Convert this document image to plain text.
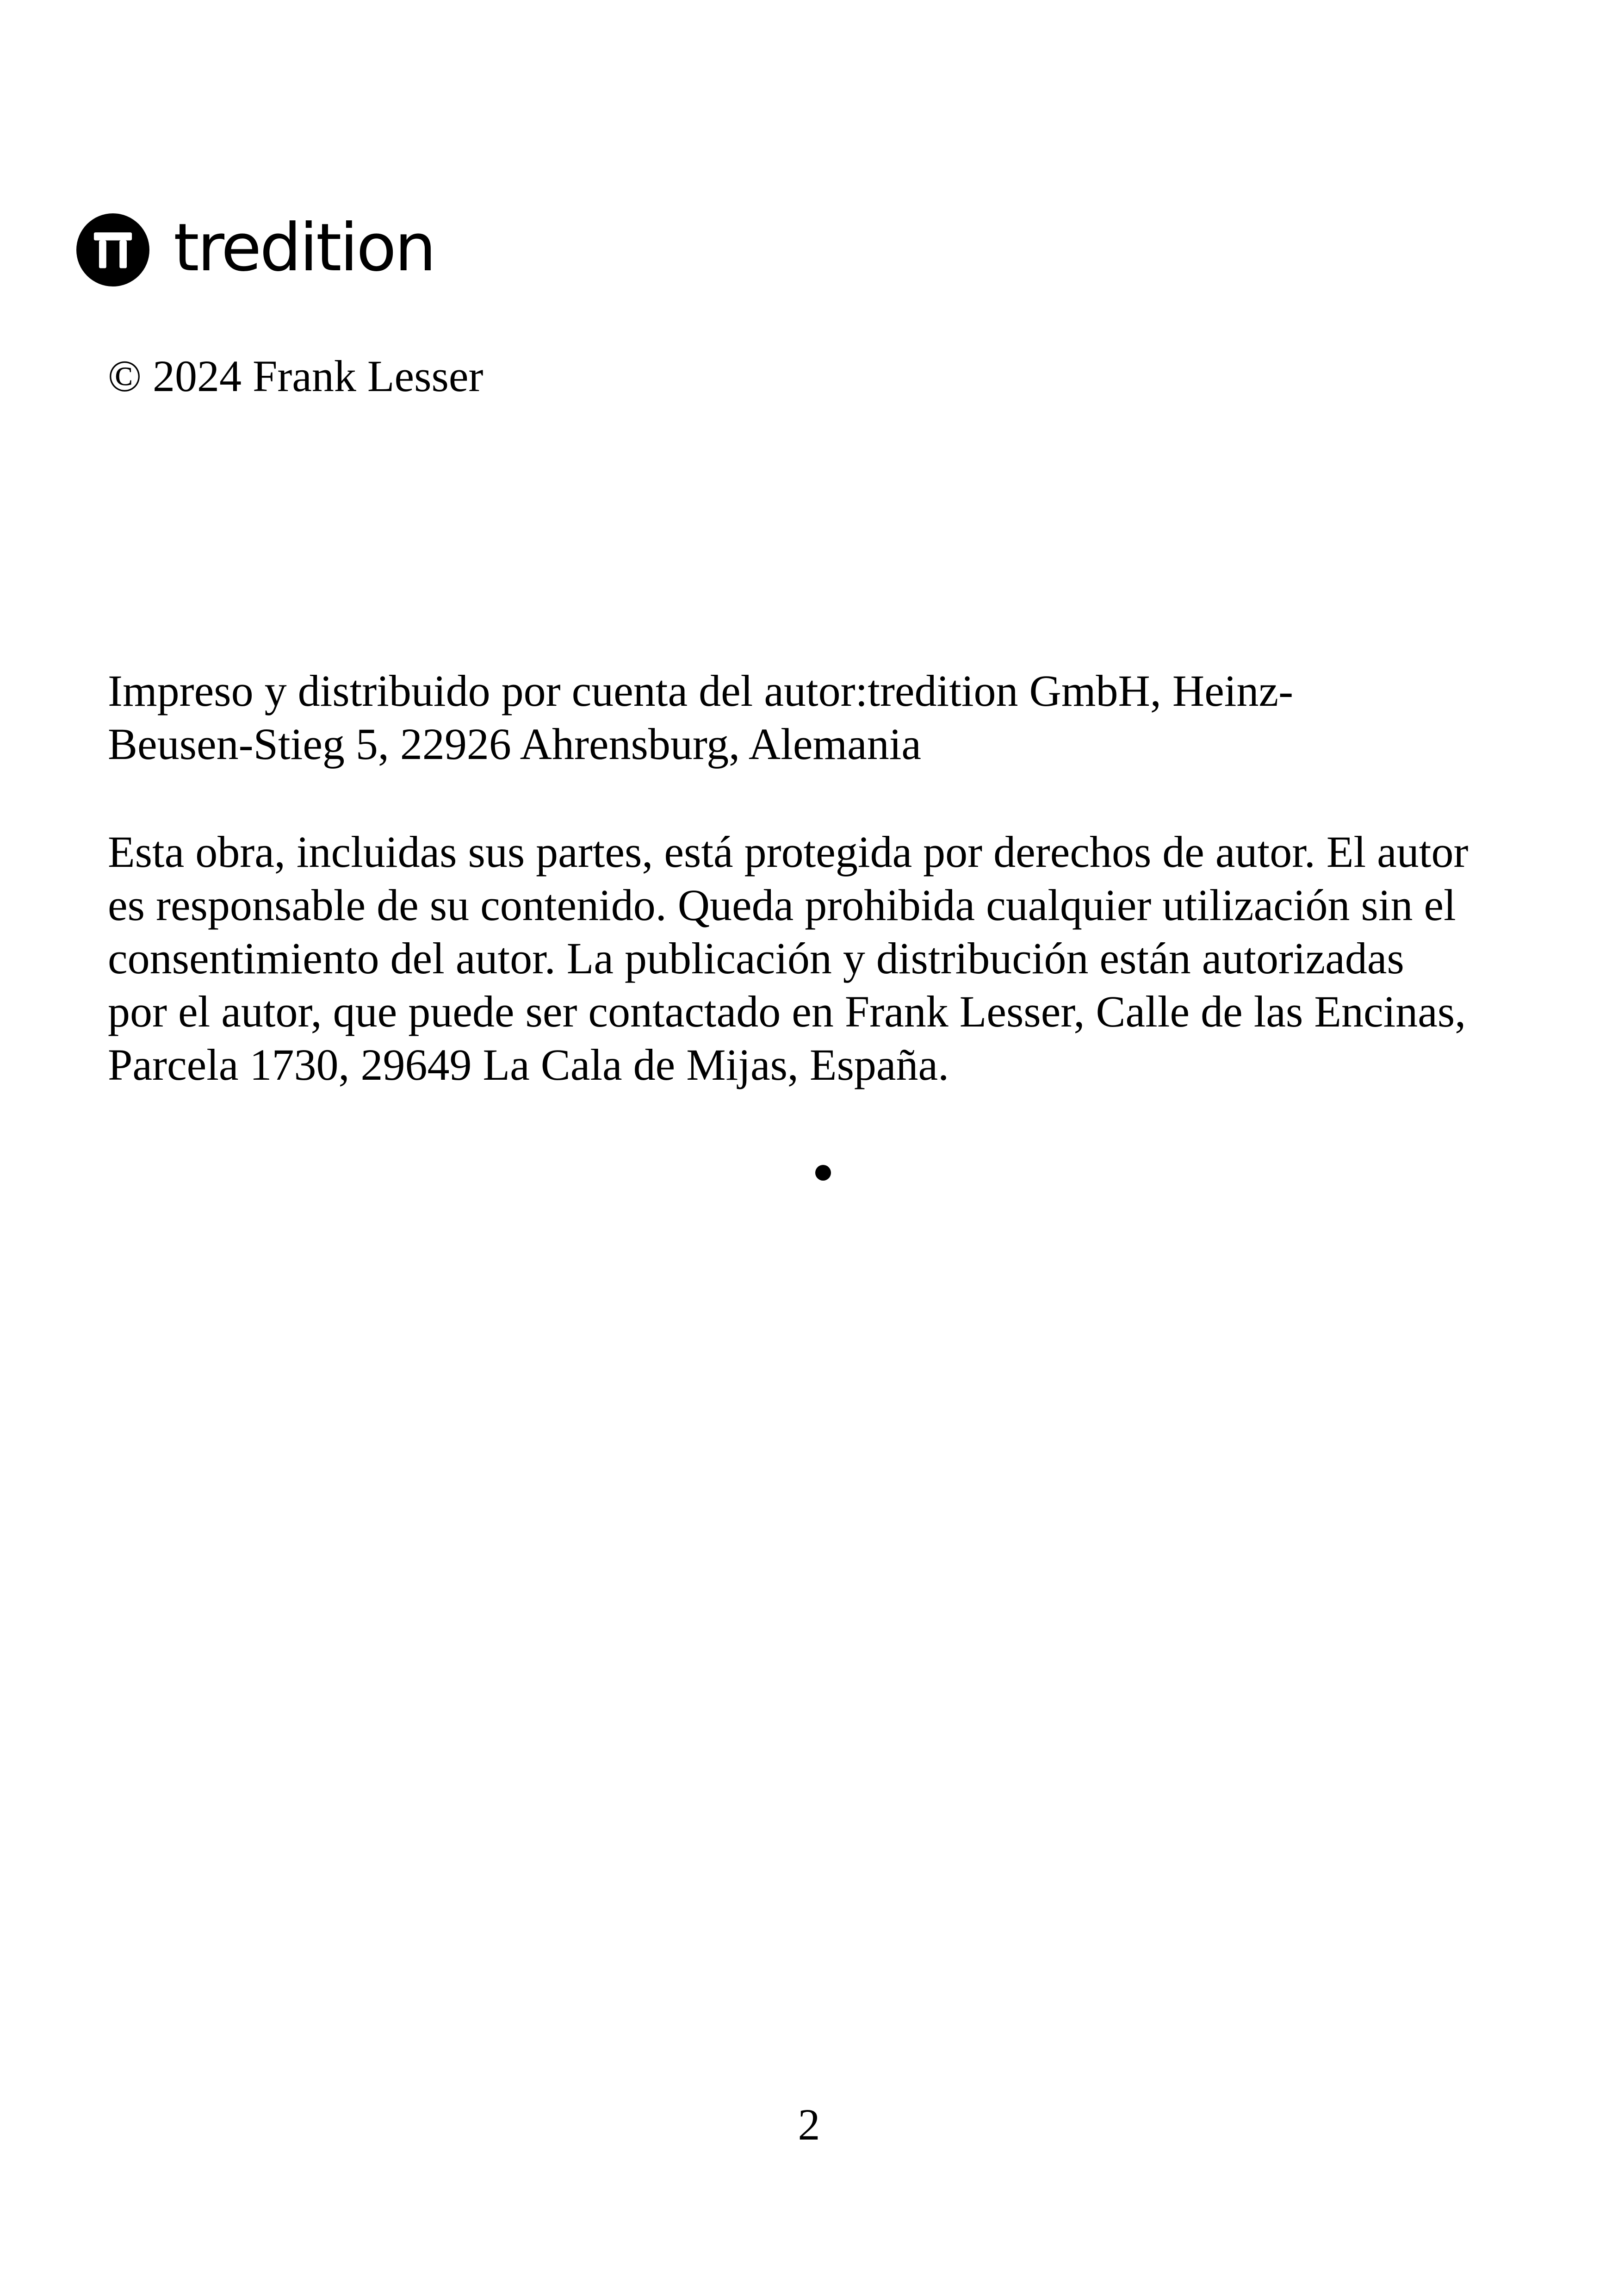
tredition

© 2024 Frank Lesser

Impreso y distribuido por cuenta del autor:tredition GmbH, Heinz-
Beusen-Stieg 5, 22926 Ahrensburg, Alemania

Esta obra, incluidas sus partes, está protegida por derechos de autor. El autor
es responsable de su contenido. Queda prohibida cualquier utilización sin el
consentimiento del autor. La publicación y distribución están autorizadas
por el autor, que puede ser contactado en Frank Lesser, Calle de las Encinas,
Parcela 1730, 29649 La Cala de Mijas, España.

2
